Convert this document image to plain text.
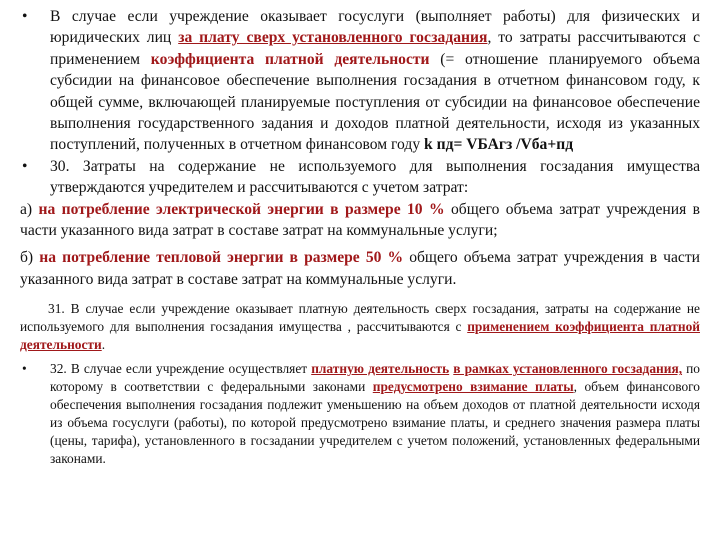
• В случае если учреждение оказывает госуслуги (выполняет работы) для физических и юридических лиц за плату сверх установленного госзадания, то затраты рассчитываются с применением коэффициента платной деятельности (= отношение планируемого объема субсидии на финансовое обеспечение выполнения госзадания в отчетном финансовом году, к общей сумме, включающей планируемые поступления от субсидии на финансовое обеспечение выполнения государственного задания и доходов платной деятельности, исходя из указанных поступлений, полученных в отчетном финансовом году k пд= VБАгз /Vба+пд
• 30. Затраты на содержание не используемого для выполнения госзадания имущества утверждаются учредителем и рассчитываются с учетом затрат:
а) на потребление электрической энергии в размере 10 % общего объема затрат учреждения в части указанного вида затрат в составе затрат на коммунальные услуги;
б) на потребление тепловой энергии в размере 50 % общего объема затрат учреждения в части указанного вида затрат в составе затрат на коммунальные услуги.
31. В случае если учреждение оказывает платную деятельность сверх госзадания, затраты на содержание не используемого для выполнения госзадания имущества , рассчитываются с применением коэффициента платной деятельности.
• 32. В случае если учреждение осуществляет платную деятельность в рамках установленного госзадания, по которому в соответствии с федеральными законами предусмотрено взимание платы, объем финансового обеспечения выполнения госзадания подлежит уменьшению на объем доходов от платной деятельности исходя из объема госуслуги (работы), по которой предусмотрено взимание платы, и среднего значения размера платы (цены, тарифа), установленного в госзадании учредителем с учетом положений, установленных федеральными законами.
